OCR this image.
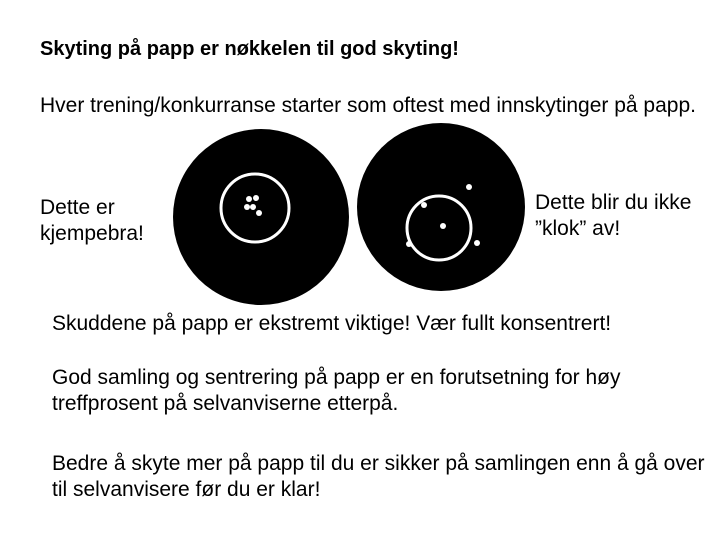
Skyting på papp er nøkkelen til god skyting!
Hver trening/konkurranse starter som oftest med innskytinger på papp.
Dette er kjempebra!
Dette blir du ikke ”klok” av!
Skuddene på papp er ekstremt viktige! Vær fullt konsentrert!
God samling og sentrering på papp er en forutsetning for høy treffprosent på selvanviserne etterpå.
Bedre å skyte mer på papp til du er sikker på samlingen enn å gå over til selvanvisere før du er klar!
